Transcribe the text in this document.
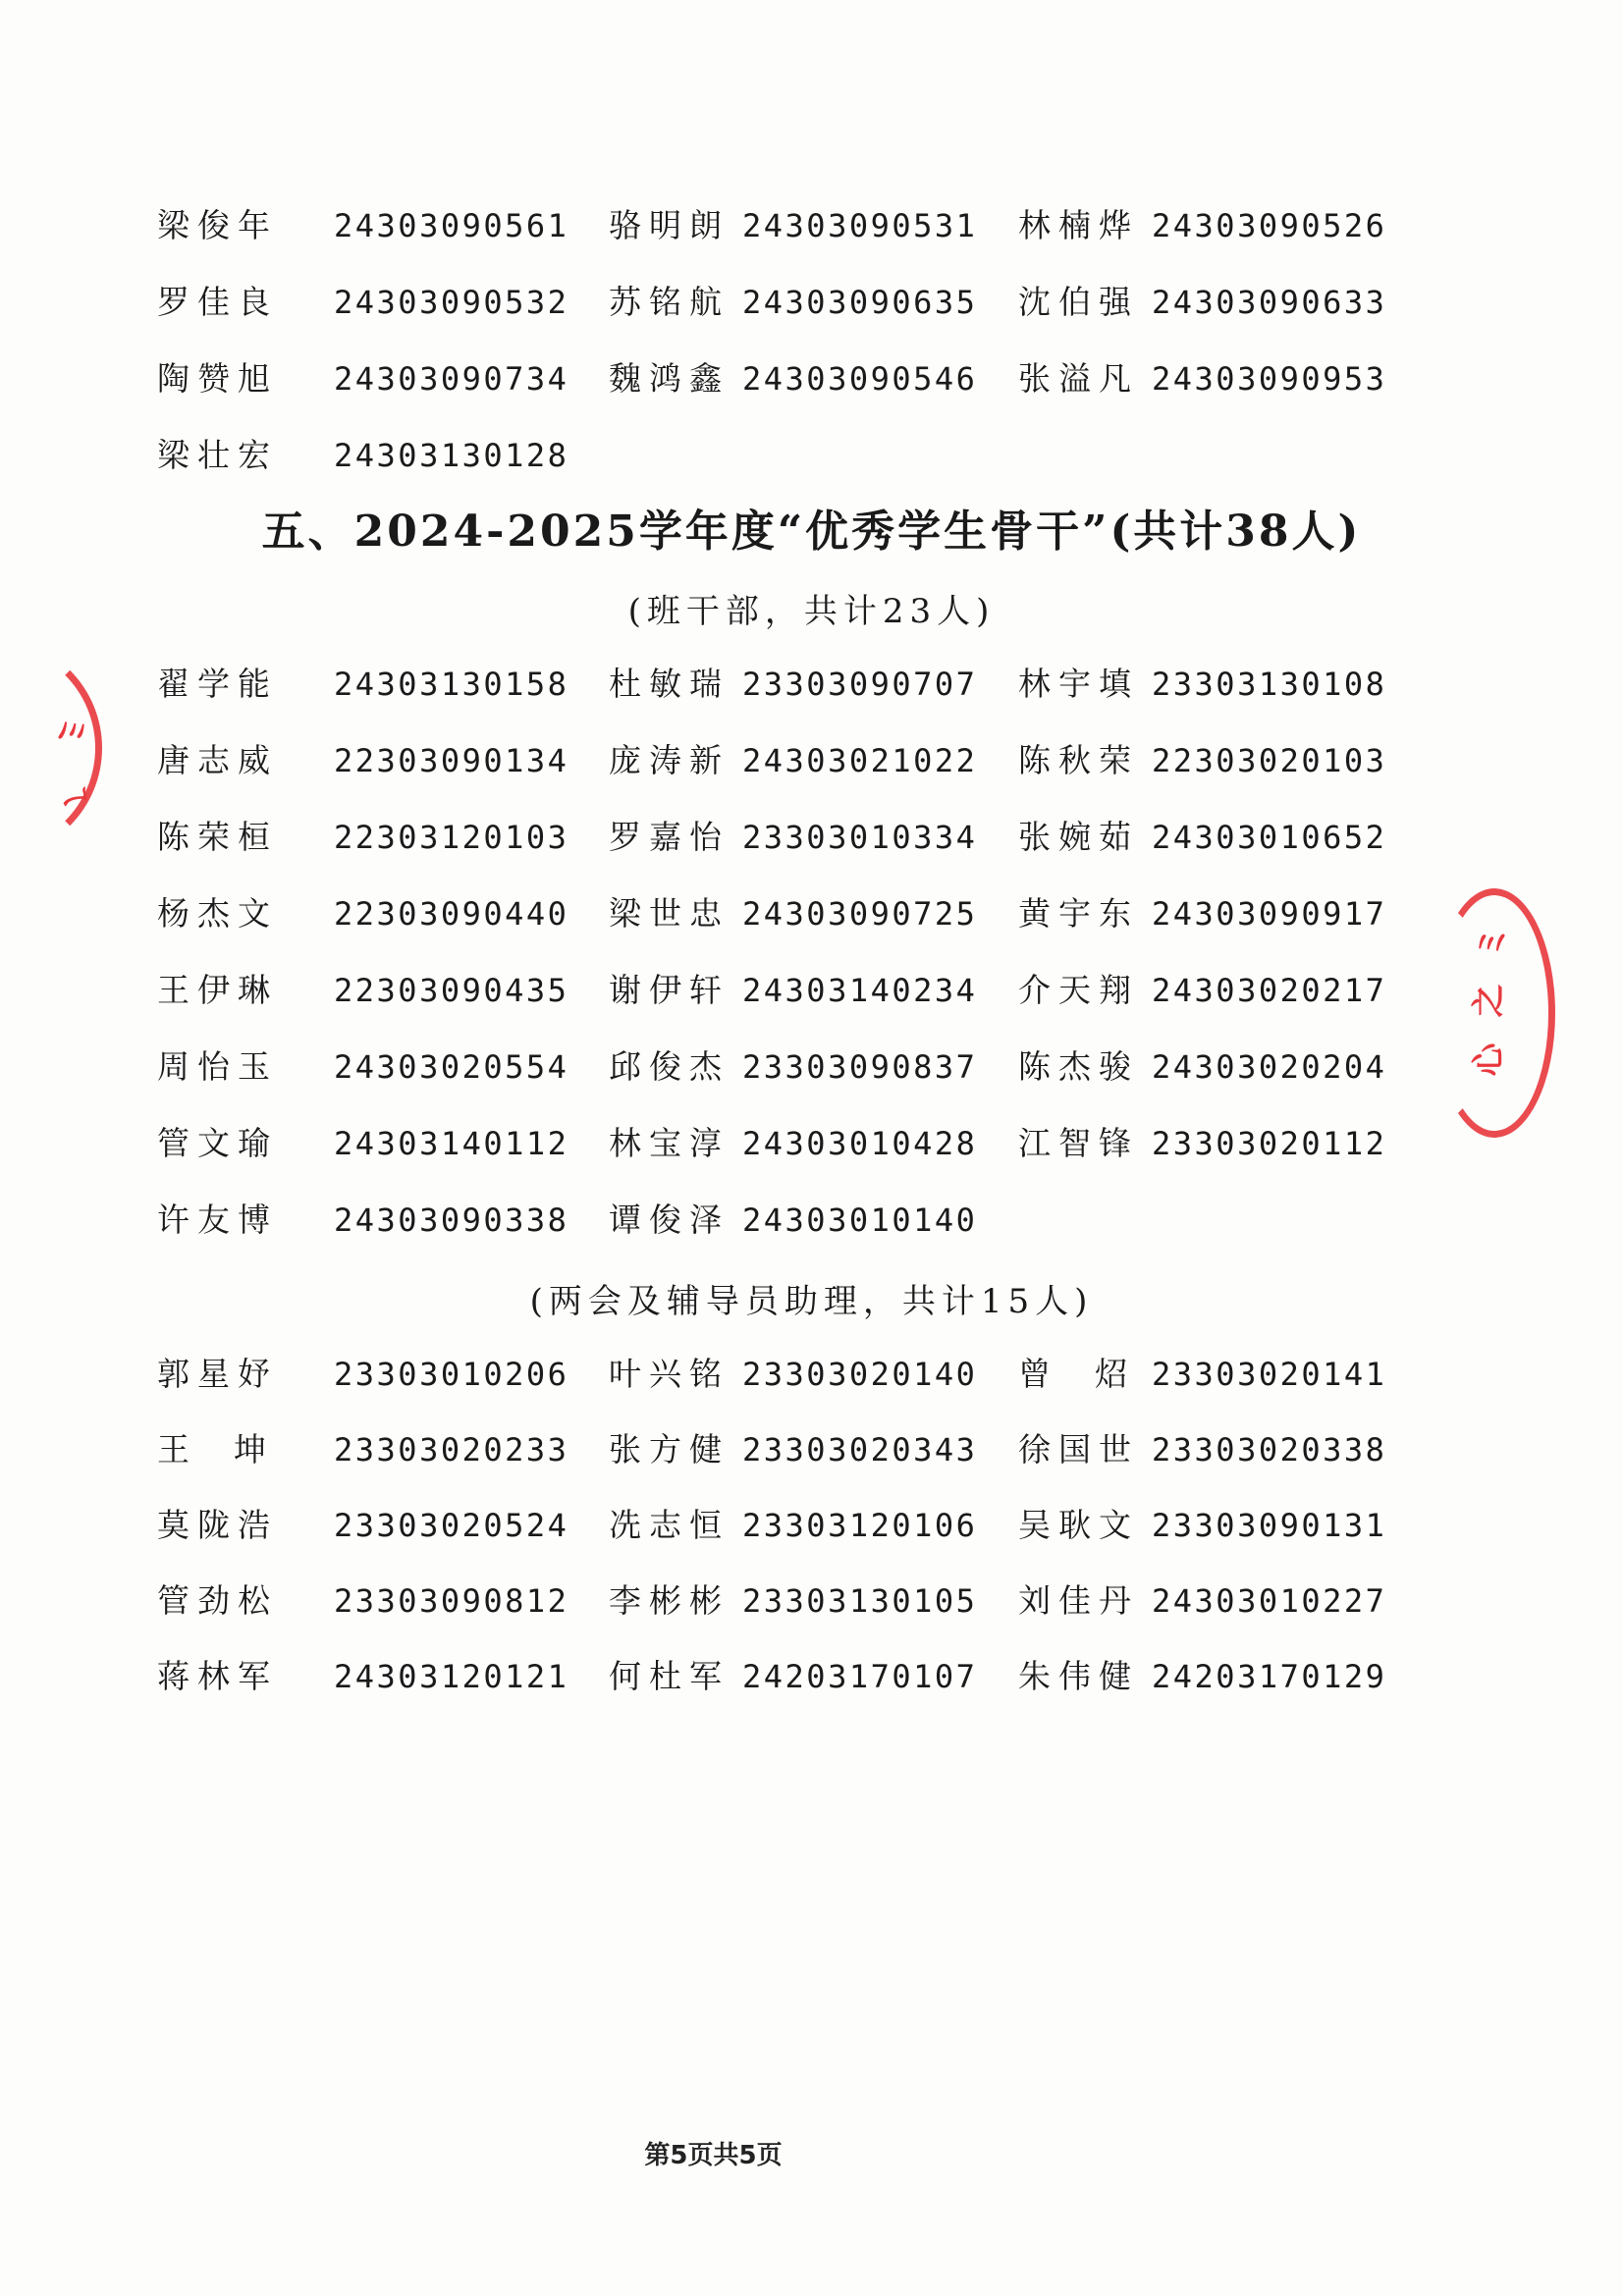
梁俊年 24303090561 骆明朗 24303090531 林楠烨 24303090526
罗佳良 24303090532 苏铭航 24303090635 沈伯强 24303090633
陶赞旭 24303090734 魏鸿鑫 24303090546 张溢凡 24303090953
梁壮宏 24303130128
五、2024-2025学年度“优秀学生骨干”(共计38人)
(班干部，共计23人)
翟学能 24303130158 杜敏瑞 23303090707 林宇填 23303130108
唐志威 22303090134 庞涛新 24303021022 陈秋荣 22303020103
陈荣桓 22303120103 罗嘉怡 23303010334 张婉茹 24303010652
杨杰文 22303090440 梁世忠 24303090725 黄宇东 24303090917
王伊琳 22303090435 谢伊轩 24303140234 介天翔 24303020217
周怡玉 24303020554 邱俊杰 23303090837 陈杰骏 24303020204
管文瑜 24303140112 林宝淳 24303010428 江智锋 23303020112
许友博 24303090338 谭俊泽 24303010140
(两会及辅导员助理，共计15人)
郭星妤 23303010206 叶兴铭 23303020140 曾  炤 23303020141
王  坤 23303020233 张方健 23303020343 徐国世 23303020338
莫陇浩 23303020524 冼志恒 23303120106 吴耿文 23303090131
管劲松 23303090812 李彬彬 23303130105 刘佳丹 24303010227
蒋林军 24303120121 何杜军 24203170107 朱伟健 24203170129
第5页共5页
ミ
ㄟ
ミ
之
心
